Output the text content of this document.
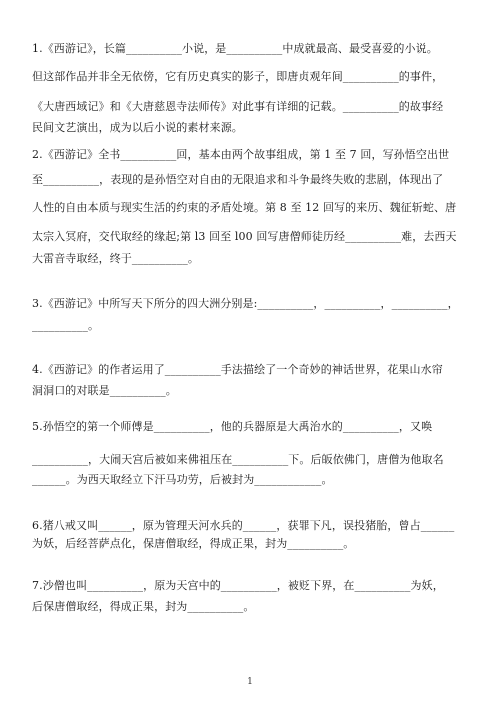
1.《西游记》，长篇__________小说，是__________中成就最高、最受喜爱的小说。
但这部作品并非全无依傍，它有历史真实的影子，即唐贞观年间__________的事件，
《大唐西域记》和《大唐慈恩寺法师传》对此事有详细的记载。__________的故事经
民间文艺演出，成为以后小说的素材来源。
2.《西游记》全书__________回，基本由两个故事组成，第 1 至 7 回，写孙悟空出世
至__________，表现的是孙悟空对自由的无限追求和斗争最终失败的悲剧，体现出了
人性的自由本质与现实生活的约束的矛盾处境。第 8 至 12 回写的来历、魏征斩蛇、唐
太宗入冥府，交代取经的缘起;第 l3 回至 l00 回写唐僧师徒历经__________难，去西天
大雷音寺取经，终于__________。
3.《西游记》中所写天下所分的四大洲分别是:__________，__________，__________，
__________。
4.《西游记》的作者运用了__________手法描绘了一个奇妙的神话世界，花果山水帘
洞洞口的对联是__________。
5.孙悟空的第一个师傅是__________，他的兵器原是大禹治水的__________，又唤
__________，大闹天宫后被如来佛祖压在__________下。后皈依佛门，唐僧为他取名
______。为西天取经立下汗马功劳，后被封为____________。
6.猪八戒又叫______，原为管理天河水兵的______，获罪下凡，误投猪胎，曾占______
为妖，后经菩萨点化，保唐僧取经，得成正果，封为__________。
7.沙僧也叫__________，原为天宫中的__________，被贬下界，在__________为妖，
后保唐僧取经，得成正果，封为__________。
1
